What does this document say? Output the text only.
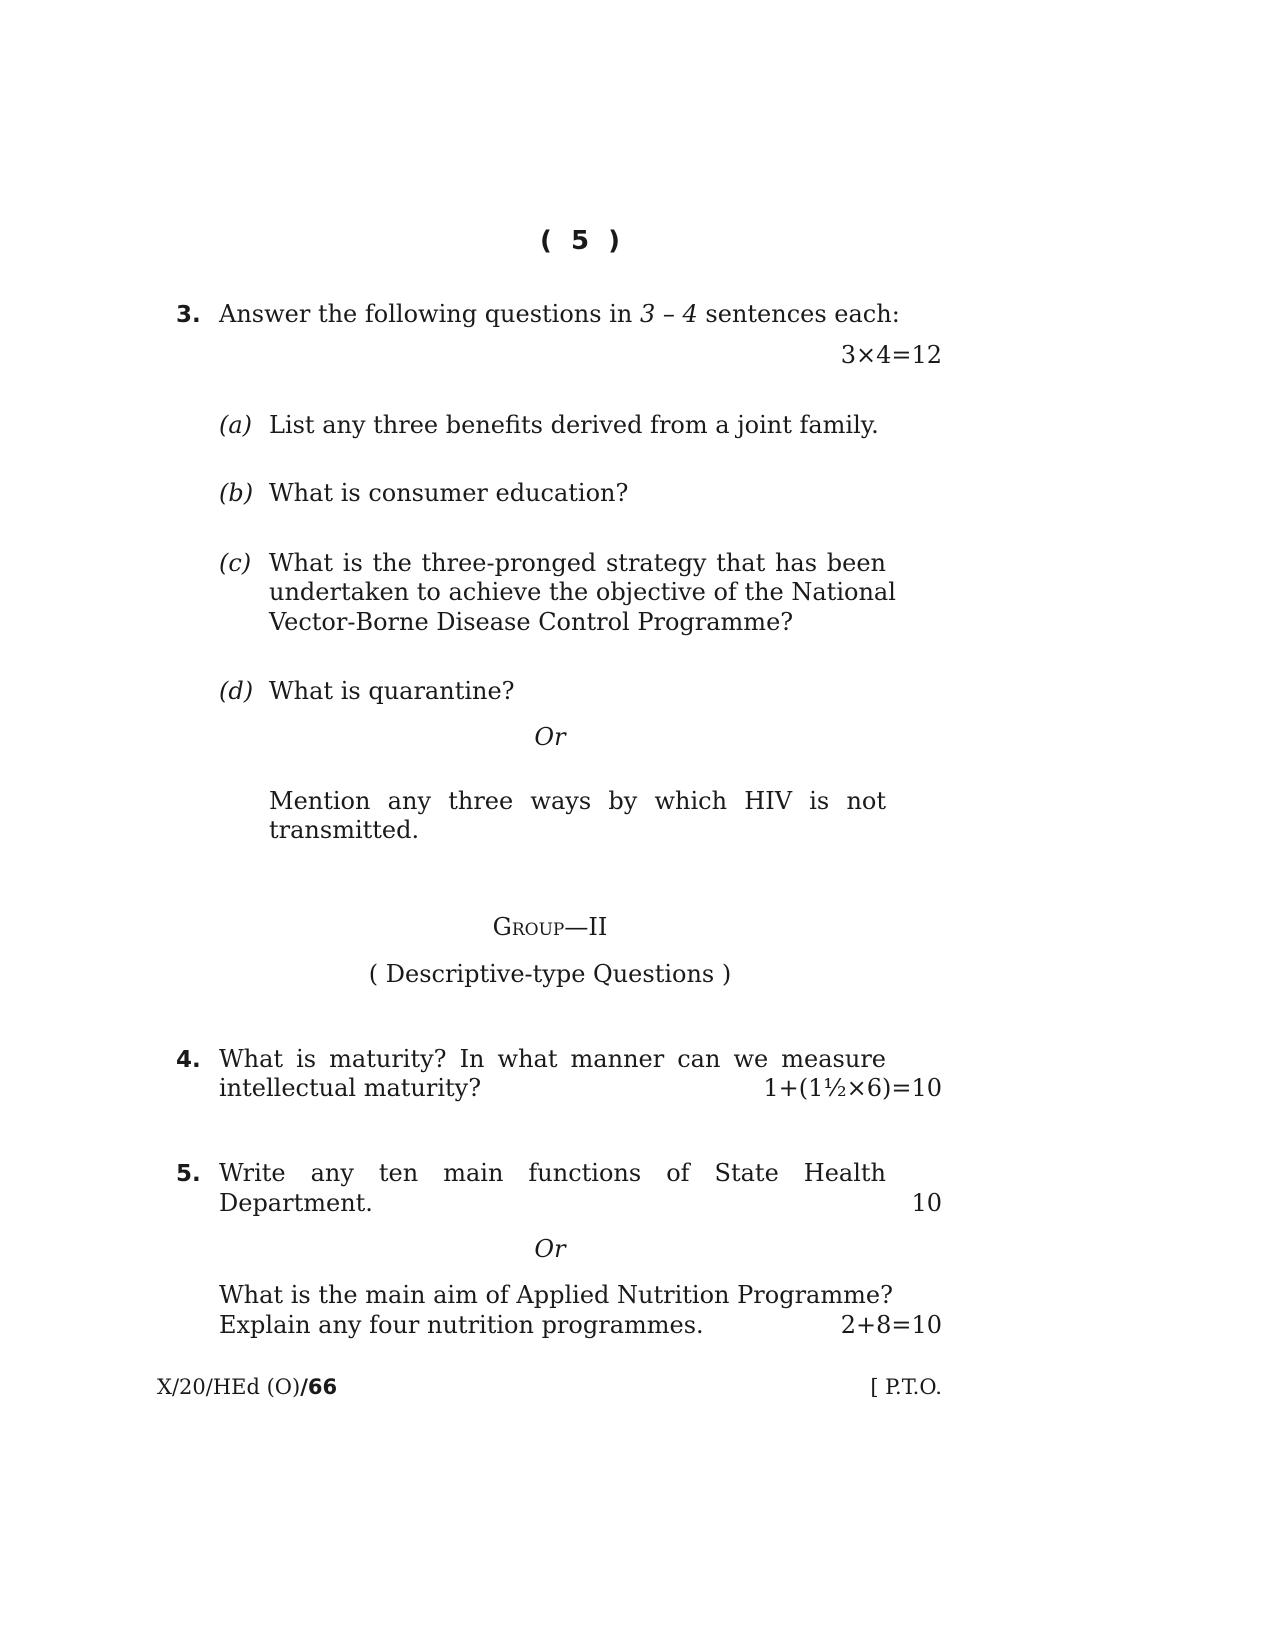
( 5 )
3. Answer the following questions in 3 – 4 sentences each:
3×4=12
(a) List any three benefits derived from a joint family.
(b) What is consumer education?
(c) What is the three-pronged strategy that has been
undertaken to achieve the objective of the National
Vector-Borne Disease Control Programme?
(d) What is quarantine?
Or
Mention any three ways by which HIV is not
transmitted.
Group—II
( Descriptive-type Questions )
4. What is maturity? In what manner can we measure
intellectual maturity?	1+(1½×6)=10
5. Write any ten main functions of State Health
Department.	10
Or
What is the main aim of Applied Nutrition Programme?
Explain any four nutrition programmes.	2+8=10
X/20/HEd (O)/66	[ P.T.O.
